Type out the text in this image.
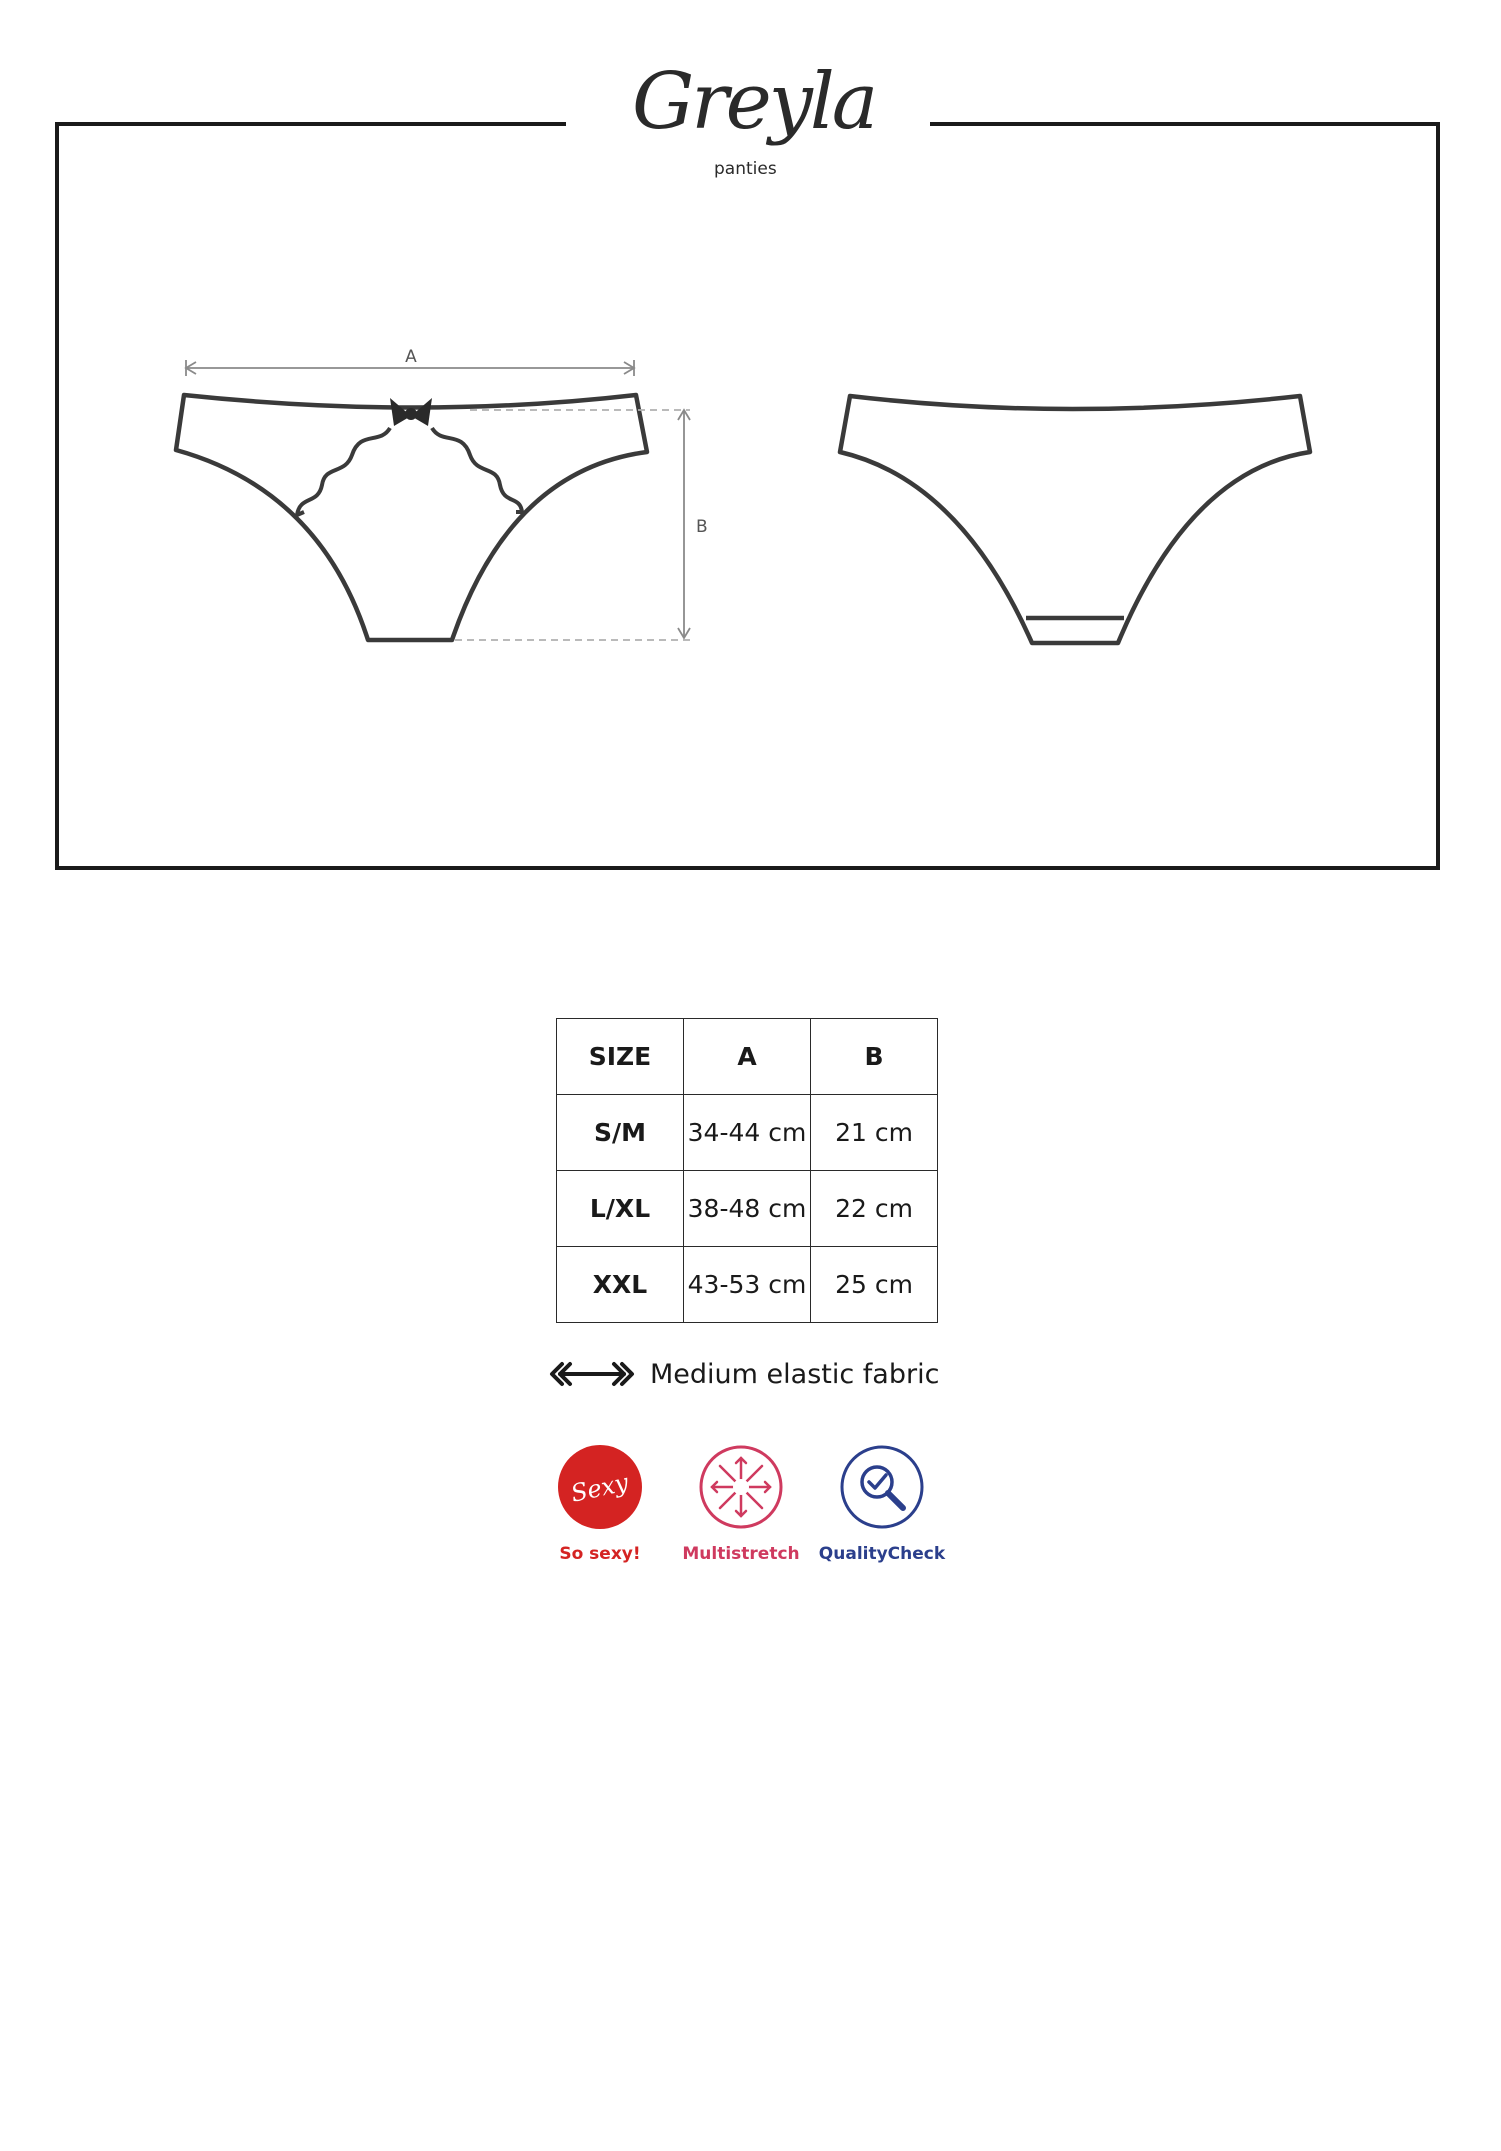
Greyla
panties
A
B
SIZE	A	B
S/M	34-44 cm	21 cm
L/XL	38-48 cm	22 cm
XXL	43-53 cm	25 cm
Medium elastic fabric
Sexy
So sexy!	Multistretch	QualityCheck
